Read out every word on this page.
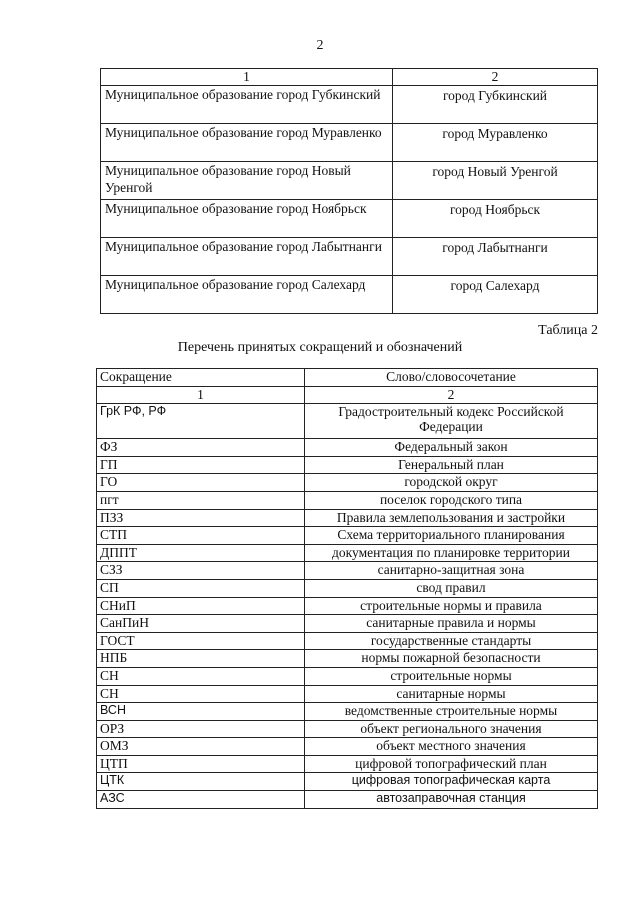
2
1	2
Муниципальное образование город Губкинский	город Губкинский
Муниципальное образование город Муравленко	город Муравленко
Муниципальное образование город Новый Уренгой	город Новый Уренгой
Муниципальное образование город Ноябрьск	город Ноябрьск
Муниципальное образование город Лабытнанги	город Лабытнанги
Муниципальное образование город Салехард	город Салехард
Таблица 2
Перечень принятых сокращений и обозначений
Сокращение	Слово/словосочетание
1	2
ГрК РФ, РФ	Градостроительный кодекс Российской Федерации
ФЗ	Федеральный закон
ГП	Генеральный план
ГО	городской округ
пгт	поселок городского типа
ПЗЗ	Правила землепользования и застройки
СТП	Схема территориального планирования
ДППТ	документация по планировке территории
СЗЗ	санитарно-защитная зона
СП	свод правил
СНиП	строительные нормы и правила
СанПиН	санитарные правила и нормы
ГОСТ	государственные стандарты
НПБ	нормы пожарной безопасности
СН	строительные нормы
СН	санитарные нормы
ВСН	ведомственные строительные нормы
ОРЗ	объект регионального значения
ОМЗ	объект местного значения
ЦТП	цифровой топографический план
ЦТК	цифровая топографическая карта
АЗС	автозаправочная станция
